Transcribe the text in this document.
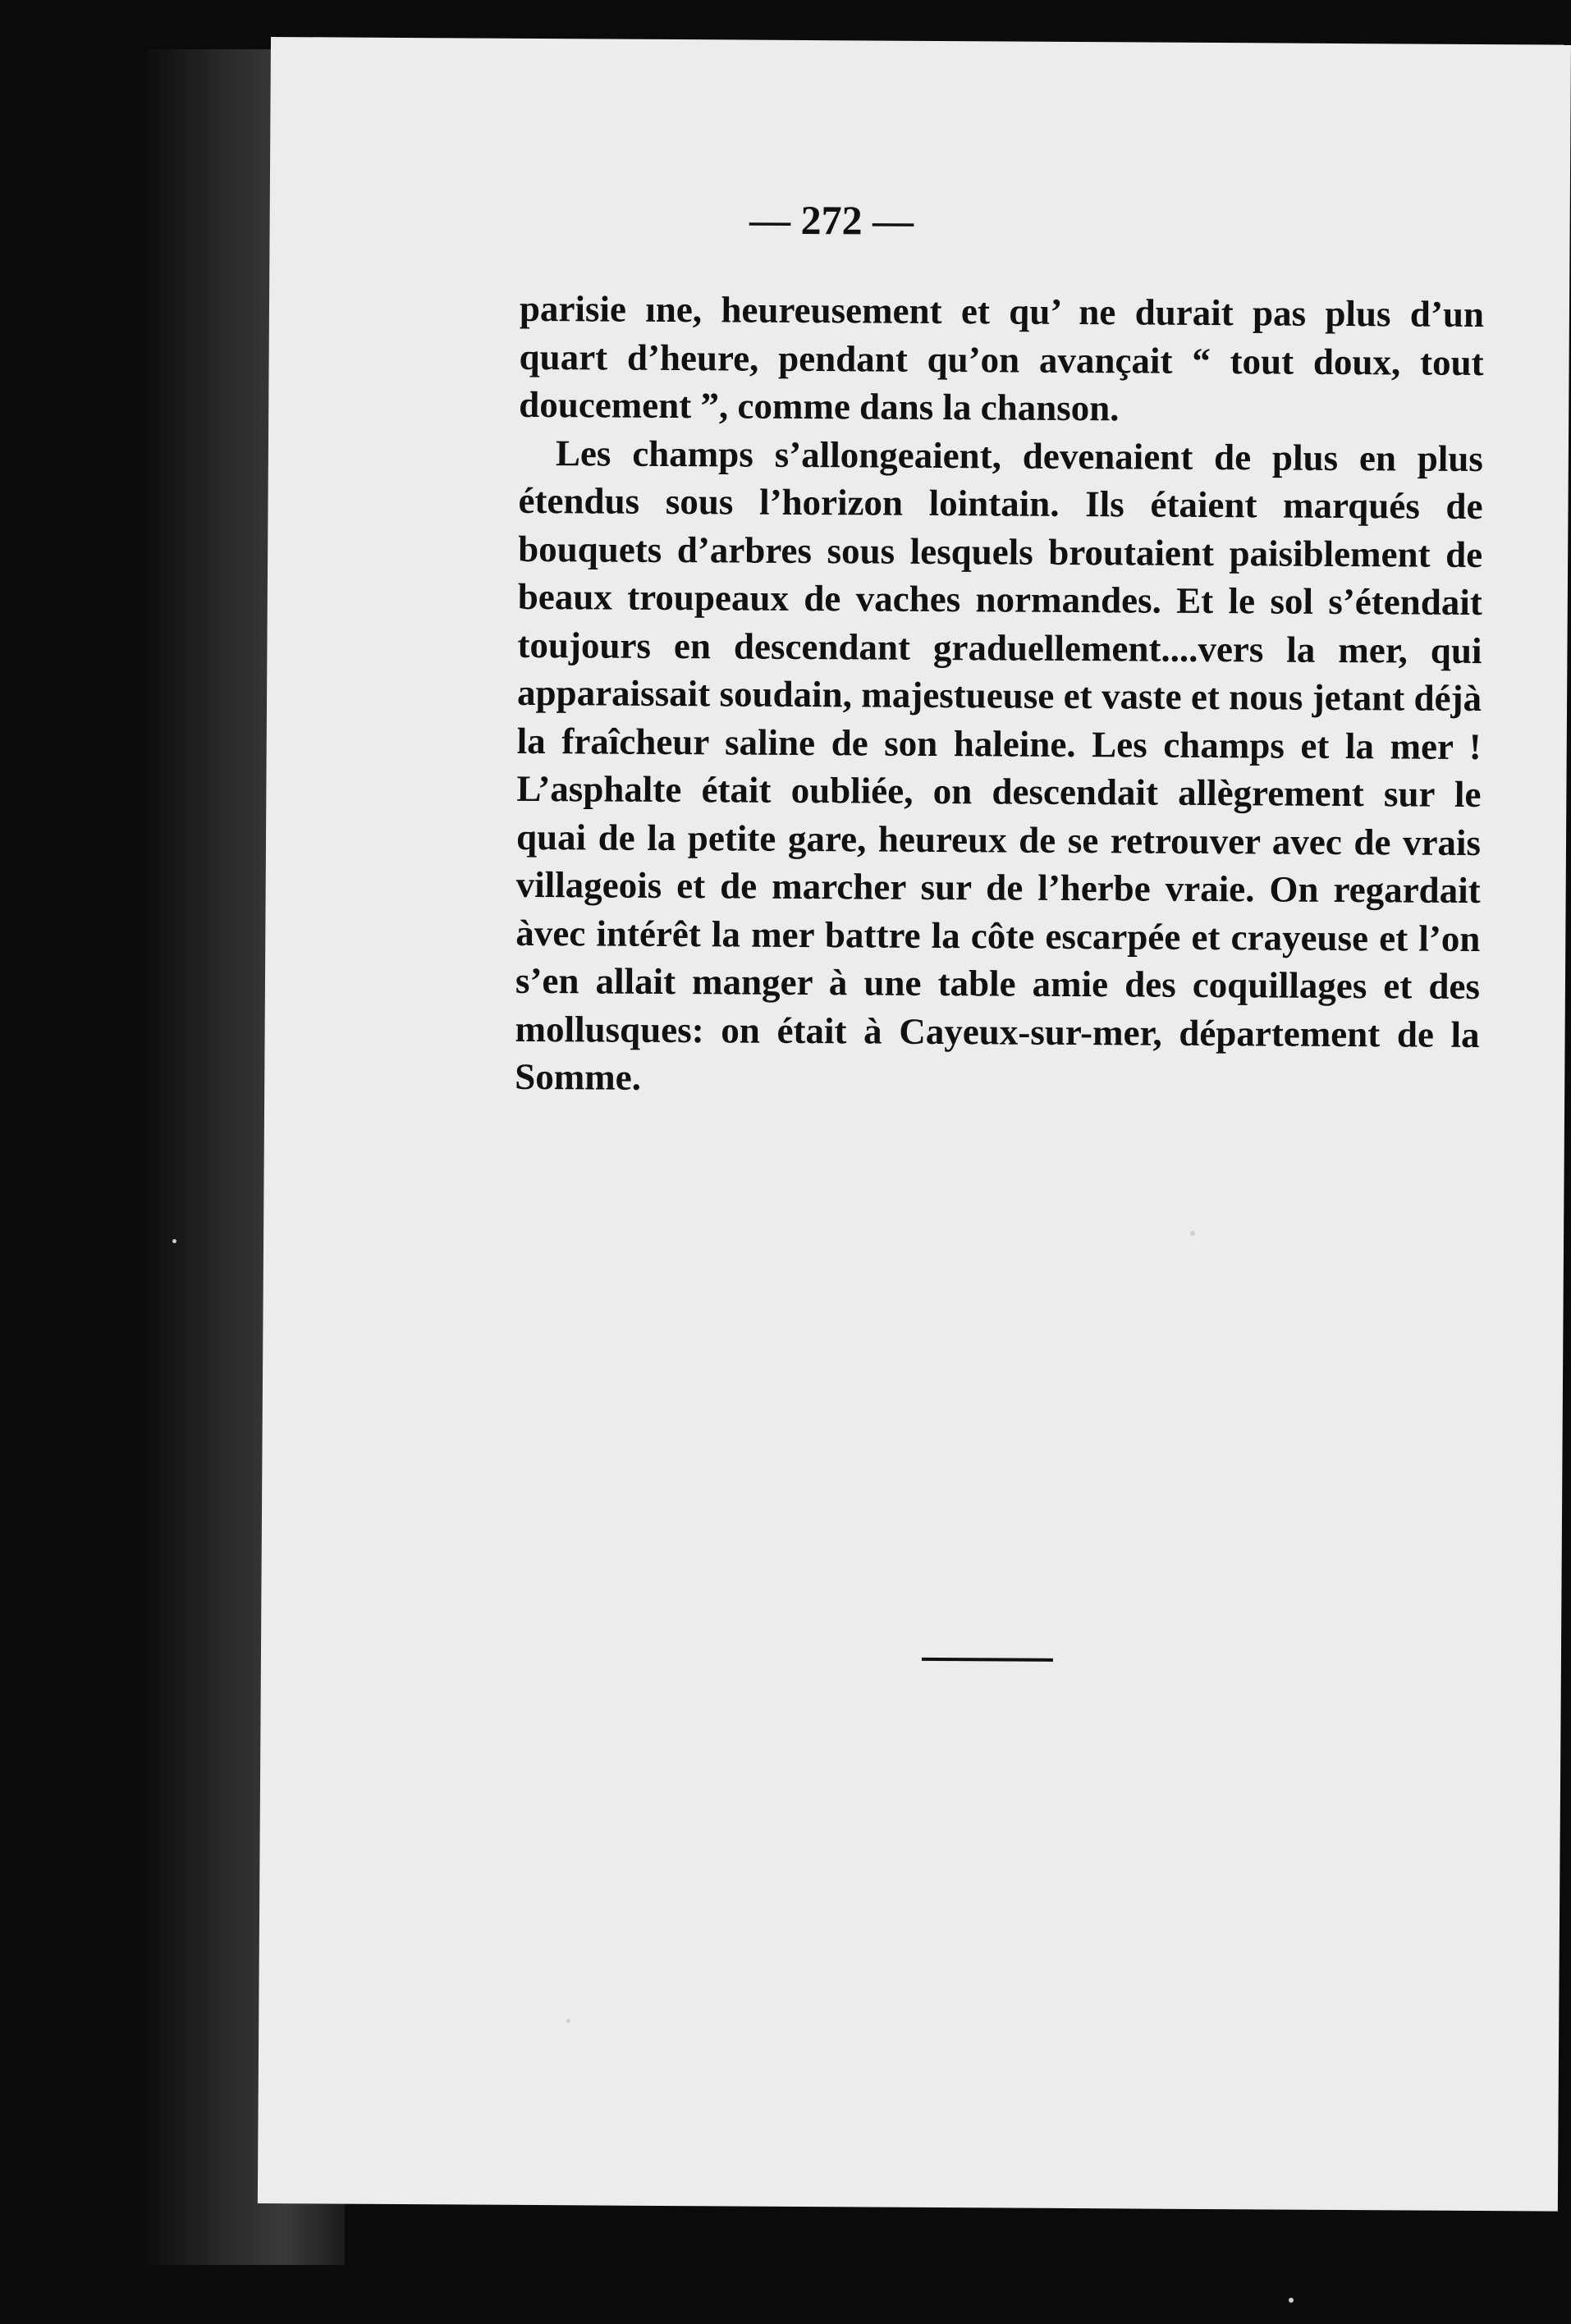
— 272 —

parisie ıne, heureusement et qu’ ne durait pas plus d’un quart d’heure, pendant qu’on avançait “ tout doux, tout doucement ”, comme dans la chanson.

Les champs s’allongeaient, devenaient de plus en plus étendus sous l’horizon lointain. Ils étaient marqués de bouquets d’arbres sous lesquels broutaient paisiblement de beaux troupeaux de vaches normandes. Et le sol s’étendait toujours en descendant graduellement....vers la mer, qui apparaissait soudain, majestueuse et vaste et nous jetant déjà la fraîcheur saline de son haleine. Les champs et la mer ! L’asphalte était oubliée, on descendait allègrement sur le quai de la petite gare, heureux de se retrouver avec de vrais villageois et de marcher sur de l’herbe vraie. On regardait àvec intérêt la mer battre la côte escarpée et crayeuse et l’on s’en allait manger à une table amie des coquillages et des mollusques: on était à Cayeux-sur-mer, département de la Somme.
